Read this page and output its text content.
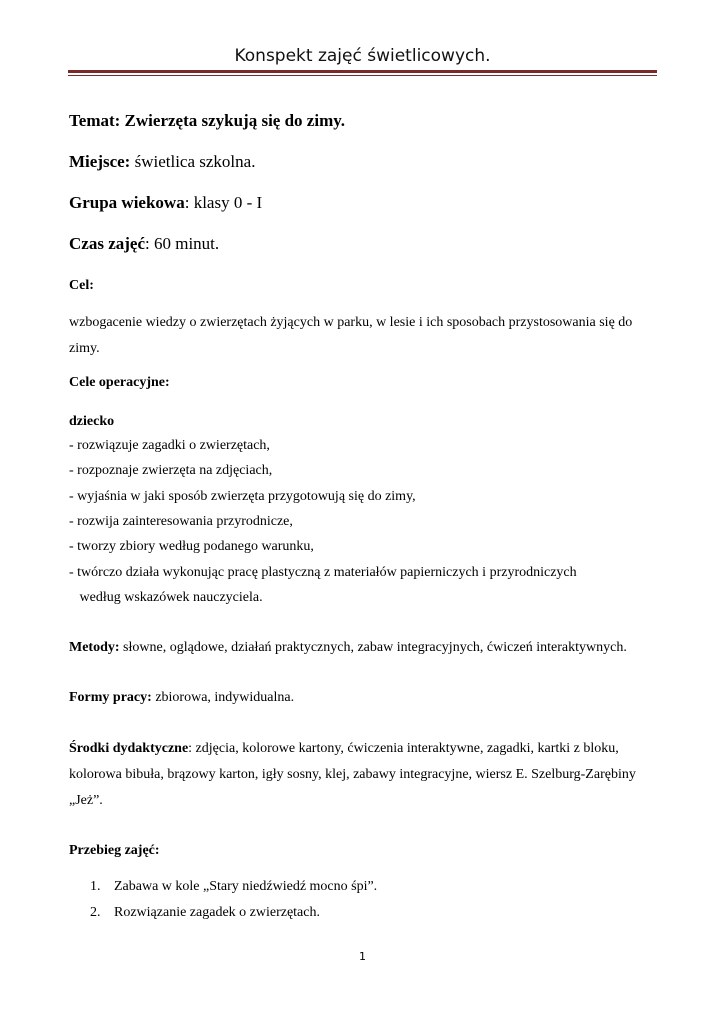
Konspekt zajęć świetlicowych.
Temat: Zwierzęta szykują się do zimy.
Miejsce: świetlica szkolna.
Grupa wiekowa: klasy 0 - I
Czas zajęć: 60 minut.
Cel:
wzbogacenie wiedzy o zwierzętach żyjących w parku, w lesie i ich sposobach przystosowania się do zimy.
Cele operacyjne:
dziecko
- rozwiązuje zagadki o zwierzętach,
- rozpoznaje zwierzęta na zdjęciach,
- wyjaśnia w jaki sposób zwierzęta przygotowują się do zimy,
- rozwija zainteresowania przyrodnicze,
- tworzy zbiory według podanego warunku,
- twórczo działa wykonując pracę plastyczną z materiałów papierniczych i przyrodniczych
według wskazówek nauczyciela.
Metody: słowne, oglądowe, działań praktycznych, zabaw integracyjnych, ćwiczeń interaktywnych.
Formy pracy: zbiorowa, indywidualna.
Środki dydaktyczne: zdjęcia, kolorowe kartony, ćwiczenia interaktywne, zagadki, kartki z bloku, kolorowa bibuła, brązowy karton, igły sosny, klej, zabawy integracyjne, wiersz E. Szelburg-Zarębiny „Jeż”.
Przebieg zajęć:
1. Zabawa w kole „Stary niedźwiedź mocno śpi”.
2. Rozwiązanie zagadek o zwierzętach.
1
